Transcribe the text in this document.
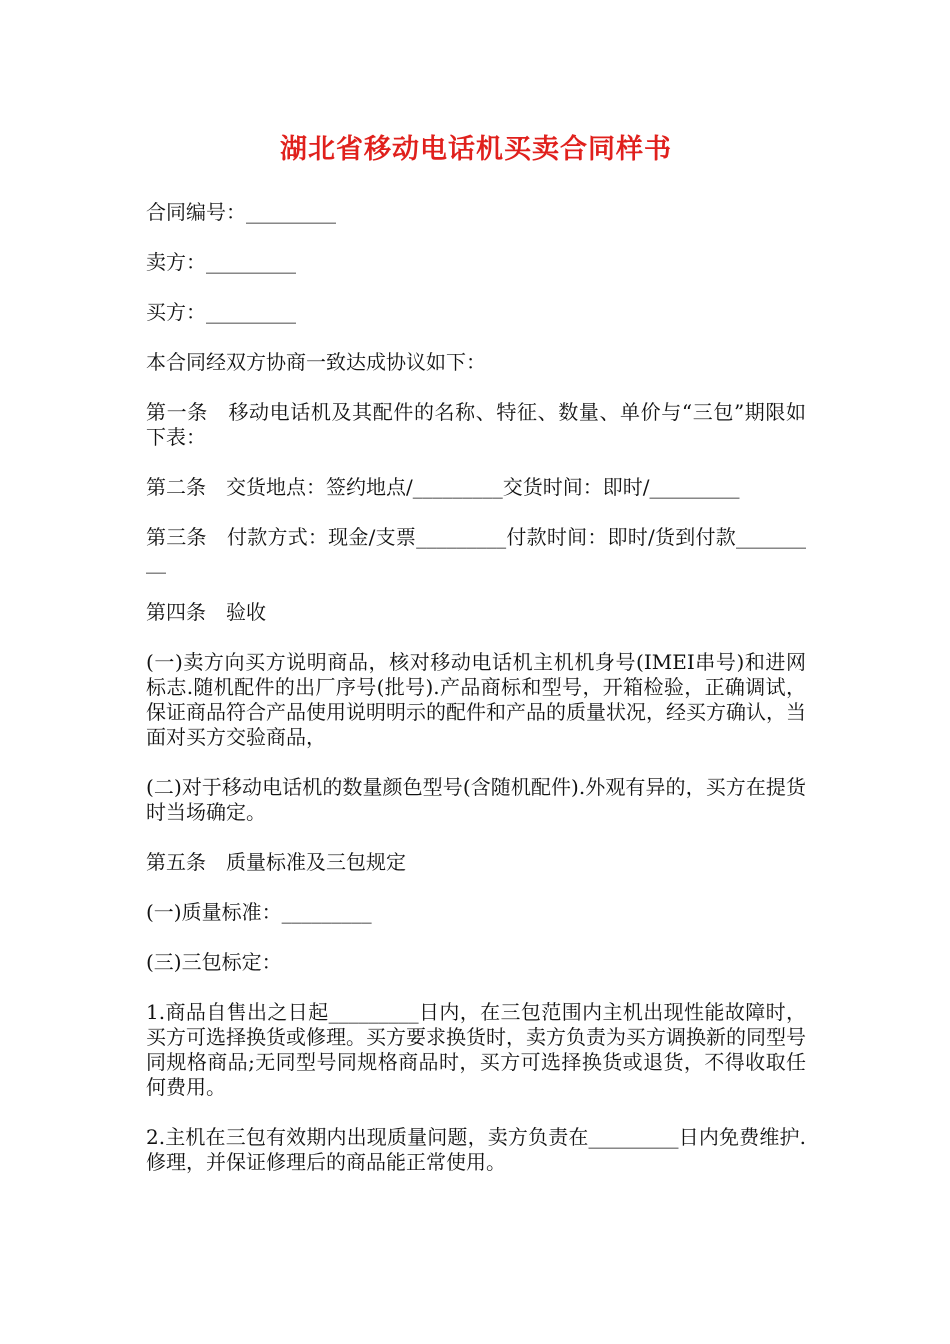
湖北省移动电话机买卖合同样书

合同编号：_________

卖方：_________

买方：_________

本合同经双方协商一致达成协议如下：

第一条　移动电话机及其配件的名称、特征、数量、单价与“三包”期限如下表：

第二条　交货地点：签约地点/_________交货时间：即时/_________

第三条　付款方式：现金/支票_________付款时间：即时/货到付款_________

第四条　验收

(一)卖方向买方说明商品，核对移动电话机主机机身号(IMEI串号)和进网标志.随机配件的出厂序号(批号).产品商标和型号，开箱检验，正确调试，保证商品符合产品使用说明明示的配件和产品的质量状况，经买方确认，当面对买方交验商品，

(二)对于移动电话机的数量颜色型号(含随机配件).外观有异的，买方在提货时当场确定。

第五条　质量标准及三包规定

(一)质量标准：_________

(三)三包标定：

1.商品自售出之日起_________日内，在三包范围内主机出现性能故障时，买方可选择换货或修理。买方要求换货时，卖方负责为买方调换新的同型号同规格商品;无同型号同规格商品时，买方可选择换货或退货，不得收取任何费用。

2.主机在三包有效期内出现质量问题，卖方负责在_________日内免费维护.修理，并保证修理后的商品能正常使用。
